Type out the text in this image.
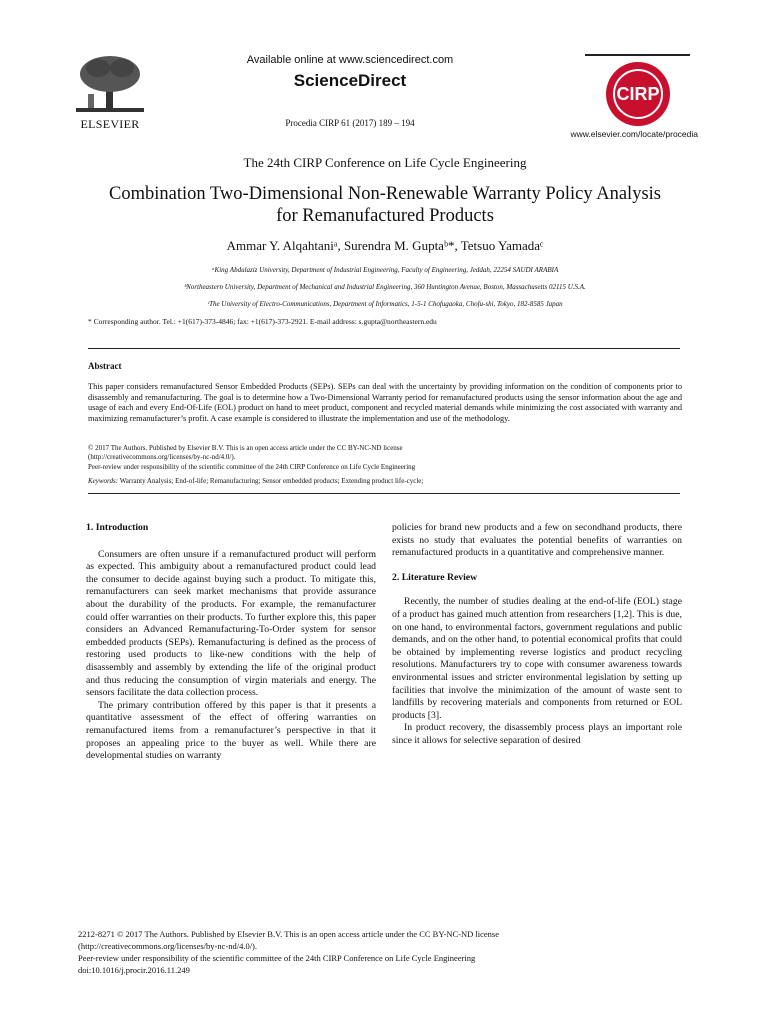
ELSEVIER
Available online at www.sciencedirect.com
ScienceDirect
Procedia CIRP 61 (2017) 189 – 194
CIRP
www.elsevier.com/locate/procedia
The 24th CIRP Conference on Life Cycle Engineering
Combination Two-Dimensional Non-Renewable Warranty Policy Analysis
for Remanufactured Products
Ammar Y. Alqahtaniᵃ, Surendra M. Guptaᵇ*, Tetsuo Yamadaᶜ
ᵃKing Abdulaziz University, Department of Industrial Engineering, Faculty of Engineering, Jeddah, 22254 SAUDI ARABIA
ᵇNortheastern University, Department of Mechanical and Industrial Engineering, 360 Huntington Avenue, Boston, Massachusetts 02115 U.S.A.
ᶜThe University of Electro-Communications, Department of Informatics, 1-5-1 Chofugaoka, Chofu-shi, Tokyo, 182-8585 Japan
* Corresponding author. Tel.: +1(617)-373-4846; fax: +1(617)-373-2921. E-mail address: s.gupta@northeastern.edu
Abstract
This paper considers remanufactured Sensor Embedded Products (SEPs). SEPs can deal with the uncertainty by providing information on the condition of components prior to disassembly and remanufacturing. The goal is to determine how a Two-Dimensional Warranty period for remanufactured products using the sensor information about the age and usage of each and every End-Of-Life (EOL) product on hand to meet product, component and recycled material demands while minimizing the cost associated with warranty and maximizing remanufacturer’s profit. A case example is considered to illustrate the implementation and use of the methodology.
© 2017 The Authors. Published by Elsevier B.V. This is an open access article under the CC BY-NC-ND license
(http://creativecommons.org/licenses/by-nc-nd/4.0/).
Peer-review under responsibility of the scientific committee of the 24th CIRP Conference on Life Cycle Engineering
Keywords: Warranty Analysis; End-of-life; Remanufacturing; Sensor embedded products; Extending product life-cycle;
1. Introduction

Consumers are often unsure if a remanufactured product will perform as expected. This ambiguity about a remanufactured product could lead the consumer to decide against buying such a product. To mitigate this, remanufacturers can seek market mechanisms that provide assurance about the durability of the products. For example, the remanufacturer could offer warranties on their products. To further explore this, this paper considers an Advanced Remanufacturing-To-Order system for sensor embedded products (SEPs). Remanufacturing is defined as the process of restoring used products to like-new conditions with the help of disassembly and assembly by extending the life of the original product and thus reducing the consumption of virgin materials and energy. The sensors facilitate the data collection process.

The primary contribution offered by this paper is that it presents a quantitative assessment of the effect of offering warranties on remanufactured items from a remanufacturer’s perspective in that it proposes an appealing price to the buyer as well. While there are developmental studies on warranty

policies for brand new products and a few on secondhand products, there exists no study that evaluates the potential benefits of warranties on remanufactured products in a quantitative and comprehensive manner.

2. Literature Review

Recently, the number of studies dealing at the end-of-life (EOL) stage of a product has gained much attention from researchers [1,2]. This is due, on one hand, to environmental factors, government regulations and public demands, and on the other hand, to potential economical profits that could be obtained by implementing reverse logistics and product recycling resolutions. Manufacturers try to cope with consumer awareness towards environmental issues and stricter environmental legislation by setting up facilities that involve the minimization of the amount of waste sent to landfills by recovering materials and components from returned or EOL products [3].

In product recovery, the disassembly process plays an important role since it allows for selective separation of desired

2212-8271 © 2017 The Authors. Published by Elsevier B.V. This is an open access article under the CC BY-NC-ND license
(http://creativecommons.org/licenses/by-nc-nd/4.0/).
Peer-review under responsibility of the scientific committee of the 24th CIRP Conference on Life Cycle Engineering
doi:10.1016/j.procir.2016.11.249
